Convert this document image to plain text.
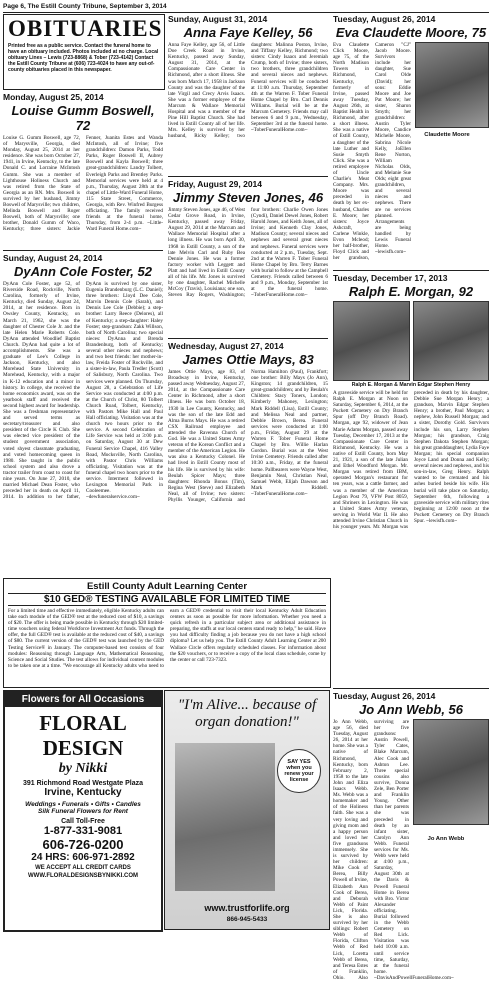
Page 6, The Estill County Tribune, September 3, 2014
OBITUARIES
Printed free as a public service. Contact the funeral home to have an obituary included. Photos included at no charge. Local obituary Lines – Lewis (723-8868) & Tober (723-4142) Contact the Estill County Tribune at (606) 723-4024 to have any out-of-county obituaries placed in this newspaper.
Monday, August 25, 2014
Louise Gumm Boswell, 72
Louise G. Gumm Boswell, age 72, of Marysville, Georgia, died Monday, August 25, 2014 at her residence. She was born October 27, 1941, in Irvine, Kentucky, to the late Donald C. and Lorraine McIntosh Gumm. She was a member of Lighthouse Holiness Church and was retired from the State of Georgia as an RN. Mrs. Boswell is survived by her husband, Jimmy Boswell of Marysville; two children, Melinda Boswell and Roger Boswell, both of Marysville; one brother, Donald Gumm of Waco, Kentucky; three sisters: Jackie Fenner, Juanita Estes and Wanda McIntosh, all of Irvine; five grandchildren: Damon Parks, Todd Parks, Roger Boswell II, Aubrey Boswell and Kayla Boswell; three great-grandchildren: Landry Tolbert, Everleigh Parks and Brentley Parks. Memorial services were held at 4 p.m., Thursday, August 28th at the chapel of Little-Ward Funeral Home, 115 State Street, Commerce, Georgia, with Rev. Winfred Burgess officiating. The family received friends at the funeral home, Thursday, from 2-4 p.m. ~Little-Ward Funeral Home.com~
Sunday, August 24, 2014
DyAnn Cole Foster, 52
DyAnn Cole Foster, age 52, of Riverside Road, Rockville, North Carolina, formerly of Irvine, Kentucky, died Sunday, August 24, 2014, at her residence. Born in Owsley County, Kentucky, on March 21, 1962, she was the daughter of Chester Cole Jr. and the late Helen Marie Roberts Cole. DyAnn attended Woodlief Baptist Church. DyAnn had quite a lot of accomplishments. She was a graduate of Lee's College in Jackson, Kentucky, and also Morehead State University in Morehead, Kentucky, with a major in K-12 education and a minor in history. In college, she received the home economics award, was on the yearbook staff and received the second highest award for leadership. She was a freshman representative and served terms as secretary/treasurer and also president of the Circle K Club. She was elected vice president of the student government association, voted shyest classmate graduating, and voted homecoming queen in 1980. She taught in the public school system and also drove a tractor trailer from coast to coast for nine years. On June 27, 2010, she married Michael Dean Foster, who preceded her in death on April 11, 2014. In addition to her father, DyAnn is survived by one sister, Eugenia Brandenburg (L.C. Daniel); three brothers: Lloyd Dee Cole, Marvin Dennis Cole (Sarah), and Dennis Lee Cole (Debbie); a step-brother: Larry Reece (Delores), all of Kentucky; a step-daughter: Haley Foster; step-grandson: Zakk Willson, both of North Carolina; two special nieces: DyAnna and Brenda Brandenburg, both of Kentucky; several other nieces and nephews; and two best friends: her mother-in-law, Freida Foster of Rockville, and a sister-in-law, Paula Tredler (Scott) of Salisbury, North Carolina. Two services were planned. On Thursday, August 28, a Celebration of Life Service was conducted at 4:00 p.m. at the Church of Christ, 80 Tolbert Church Road, Tolbert, Kentucky, with Pastors Mike Hall and Paul Hall officiating. Visitation was at the church two hours prior to the service. A second Celebration of Life Service was held at 3:00 p.m. on Saturday, August 30 at Dew Funeral Service Chapel, 416 Valley Road, Mocksville, North Carolina, with Pastor Chris Williams officiating. Visitation was at the funeral chapel two hours prior to the service. Interment followed in Lexington Memorial Park in Cooleemee. ~dewfuneralservice.com~
Sunday, August 31, 2014
Anna Faye Kelley, 56
Anna Faye Kelley, age 56, of Little Doe Creek Road in Irvine, Kentucky, passed away Sunday, August 31, 2014, at the Compassionate Care Center in Richmond, after a short illness. She was born March 17, 1958 in Jackson County and was the daughter of the late Virgil and Crecy Arvis Isaacs. She was a former employee of the Marcum & Wallace Memorial Hospital and was a member of the Pine Hill Baptist Church. She had lived in Estill County all of her life. Mrs. Kelley is survived by her husband, Ricky Kelley; two daughters: Malinna Poston, Irvine, and Tiffany Kelley, Richmond; two sisters: Cindy Isaacs and Jeremiah Crump, both of Irvine; three sisters, two brothers, three grandchildren and several nieces and nephews. Funeral services will be conducted at 11:00 a.m. Thursday, September 4th at the Warren F. Tober Funeral Home Chapel by Bro. Carl Dennis Williams. Burial will be at the Marcum Cemetery. Friends may call between 6 and 9 p.m., Wednesday, September 3rd at the funeral home. ~ToberFuneralHome.com~
Friday, August 29, 2014
Jimmy Steven Jones, 46
Jimmy Steven Jones, age 46, of West Cedar Grove Road, in Irvine, Kentucky, passed away Friday, August 29, 2014 at the Marcum and Wallace Memorial Hospital after a long illness. He was born April 30, 1968 in Estill County, a son of the late Melvin Carl and Ruby Bea Dennie Jones. He was a former factory worker with Leggett and Platt and had lived in Estill County all of his life. Mr. Jones is survived by one daughter, Rachel Michelle McCoy (Travis), Louisiana; one son, Steven Ray Rogers, Washington; four brothers: Charlie Owen Jones (Cyndi), Daniel Dewel Jones, Robert Harold Jones, and Keith Jones, all of Irvine; and Kenneth Clay Jones, Madison County; several nieces and nephews and several great nieces and nephews. Funeral services were conducted at 2 p.m., Tuesday, Sept. 2nd at the Warren F. Tober Funeral Home Chapel by Bro. Terry Barnes with burial to follow at the Campbell Cemetery. Friends called between 6 and 9 p.m., Monday, September 1st at the funeral home. ~ToberFuneralHome.com~
Wednesday, August 27, 2014
James Ottie Mays, 83
James Ottie Mays, age 83, of Broadway in Irvine, Kentucky, passed away Wednesday, August 27, 2014, at the Compassionate Care Center in Richmond, after a short illness. He was born October 18, 1930 in Lee County, Kentucky, and was the son of the late Edd and Alma Burns Mays. He was a retired CSX Railroad employee and attended the Ravenna Church of God. He was a United States Army veteran of the Korean Conflict and a member of the American Legion. He was also a Kentucky Colonel. He had lived in Estill County most of his life. He is survived by his wife: Beulah Spicer Mays; three daughters: Rhonda Bonus (Tim), Regina West (Steve) and Elizabeth Neal, all of Irvine; two sisters: Phyllis Younger, California and Norma Hamilton (Paul), Frankfort; one brother: Billy Mays (Jo Ann), Kingston; 14 grandchildren, 15 great-grandchildren; and by Beulah's Children: Stacy Toners, London; Kimberly Mahoney, Lexington; Mark Riddell (Lisa), Estill County; and Melissa Neal and partner, Debbie Brown, Berea. Funeral services were conducted at 1:00 p.m., Friday, August 29 at the Warren F. Tober Funeral Home Chapel by Bro. Willie Harlan Gordon. Burial was at the West Irvine Cemetery. Friends called after 10:30 a.m., Friday, at the funeral home. Pallbearers were Wayne West, Benjamin Neal, Christian Neal, Samuel Webb, Elijah Dawson and Mark Riddell. ~ToberFuneralHome.com~
Tuesday, August 26, 2014
Eva Claudette Moore, 75
Eva Claudette Click Moore, age 75, of the North Madison Towers in Richmond, Kentucky, formerly of Irvine, passed away Tuesday, August 26th, at Baptist Health in Richmond, after a short illness. She was a native of Estill County, a daughter of the late Luther and Susie Smyth Click. She was a retired employee of Uncle Charlie's Meat Company. Mrs. Moore was preceded in death by her ex-husband, Charles E. Moore; her sisters: Joyce Ashcraft, Carlene Winkle, Evon Mcleod; her half-brother, Floyd Click and her grandson, Cameron "CJ" Jacob Moore. Survivors include her daughter, Sue Carol Olde (David); her sons: Eddie Moore and Joe Pat Moore; her sister, Sharon Smyth; her grandchildren: Austin Tyler Moore, Candice Michelle Moore, Sabrina Nicole Kelly, JoEllen Rene Norton, William Nicholas Olds, and Melanie Sue Olds; eight great grandchildren, and several nieces and nephews. There are no services planned. Arrangements are being handled by Lewis Funeral Home. ~lewisfh.com~
Claudette Moore
Tuesday, December 17, 2013
Ralph E. Morgan, 92
Ralph E. Morgan & Marvin Edgar Stephen Henry
A graveside service will be held for Ralph E. Morgan at Noon on Saturday, September 6, 2014, at the Puckett Cemetery on Dry Branch Spur (off Dry Branch Road). Morgan, age 92, widower of Jean Marie Adams Morgan, passed away Tuesday, December 17, 2013 at the Compassionate Care Center in Richmond, Kentucky. He was a native of Estill County, born May 21, 1921, a son of the late Julian and Ethel Woodford Morgan. Mr. Morgan was retired from IBM, operated Morgan's restaurant for ten years, was a cattle farmer, and was a member of the American Legion Post 79, VFW Post 8059, and Shriners in Lexington. He was a United States Army veteran, serving in World War II. He also attended Irvine Christian Church in his younger years. Mr. Morgan was preceded in death by his daughter, Debbie Sue Morgan Henry; a grandson, Marvin Edgar Stephen Henry; a brother, Paul Morgan; a nephew, John Russell Morgan; and a sister, Dorothy Gold. Survivors include his son, Larry Stephen Morgan; his grandson, Craig Stephen Dakota Stephen Morgan; his great granddaughter, Lydia Faye Morgan; his special companion Joyce Land and Donna and Kelly; several nieces and nephews, and his son-in-law, Greg Henry. Ralph wanted to be cremated and his ashes buried beside his wife. His burial will take place on Saturday, September 6th, following a graveside service with military rites beginning at 12:00 noon at the Puckett Cemetery on Dry Branch Spur. ~lewisfh.com~
Tuesday, August 26, 2014
Jo Ann Webb, 56
Jo Ann Webb, age 56, died Tuesday, August 26, 2014 at her home. She was a native of Richmond, Kentucky, born February 2, 1958 to the late John and Eliza Isaacs Webb. Ms. Webb was a homemaker and of the Holiness faith. She was a very loving and giving mom and a happy person and loved her five grandsons immensely. She is survived by her children: Mike Cook of Berea, Billy Powell of Irvine, Elizabeth Ann Cook of Berea, and Deborah Webb of Paint Lick, Florida. She is also survived by her siblings: Robert Webb of Florida, Clifton Webb of Red Lick, Loretta Webb of Berea, and Teresa Estes of Franklin, Ohio. Also surviving are her five grandsons: Austin Powell, Tyler Cates, Blake Marcum, Alec Cook and Ashton Lee. Three special cousins also survive, Donna Zele, Ben Porter and Franklin Young. Other than her parents she was preceded in death by an infant sister, Carolyn Ann Webb. Funeral services for Ms. Webb were held at 4:00 p.m., Saturday, August 30th at the Davis & Powell Funeral Home in Berea with Bro. Victor Alexander officiating. Burial followed in the Webb Cemetery on Red Lick. Visitation was held 10:00 a.m. until service time, Saturday, at the funeral home. ~DavisAndPowellFuneralHome.com~
Jo Ann Webb
Estill County Adult Learning Center
$10 GED® TESTING AVAILABLE FOR LIMITED TIME
For a limited time and effective immediately, eligible Kentucky adults can take each module of the GED® test at the reduced cost of $10, a savings of $20. The offer is being made possible in Kentucky through $20 limited-time vouchers using federal Workforce Investment Act funds. Through the offer, the full GED® test is available at the reduced cost of $40, a savings of $80. The current version of the GED® test was launched by the GED Testing Service® in January. The computer-based test consists of four modules: Reasoning through Language Arts, Mathematical Reasoning, Science and Social Studies. The test allows for individual content modules to be taken one at a time. "We encourage all Kentucky adults who need to earn a GED® credential to visit their local Kentucky Adult Education centers as soon as possible for more information. Whether you need a quick refresh in a particular subject area or additional assistance in preparing, the staffs at our local centers stand ready to help," he said. Have you had difficulty finding a job because you do not have a high school diploma? Let us help you. The Estill County Adult Learning Center at 200 Wallace Circle offers regularly scheduled classes. For information about the $20 vouchers, or to receive a copy of the local class schedule, come by the center or call 723-7323.
Flowers for All Occasions
FLORAL DESIGN
by Nikki
391 Richmond Road Westgate Plaza
Irvine, Kentucky
Weddings • Funerals • Gifts • Candles
Silk Funeral Flowers for Rent
Call Toll-Free
1-877-331-9081
606-726-0200
24 HRS: 606-971-2892
WE ACCEPT ALL CREDIT CARDS
WWW.FLORALDESIGNSBYNIKKI.COM
"I'm Alive... because of organ donation!"
SAY YES when you renew your license
www.trustforlife.org
866-945-5433
